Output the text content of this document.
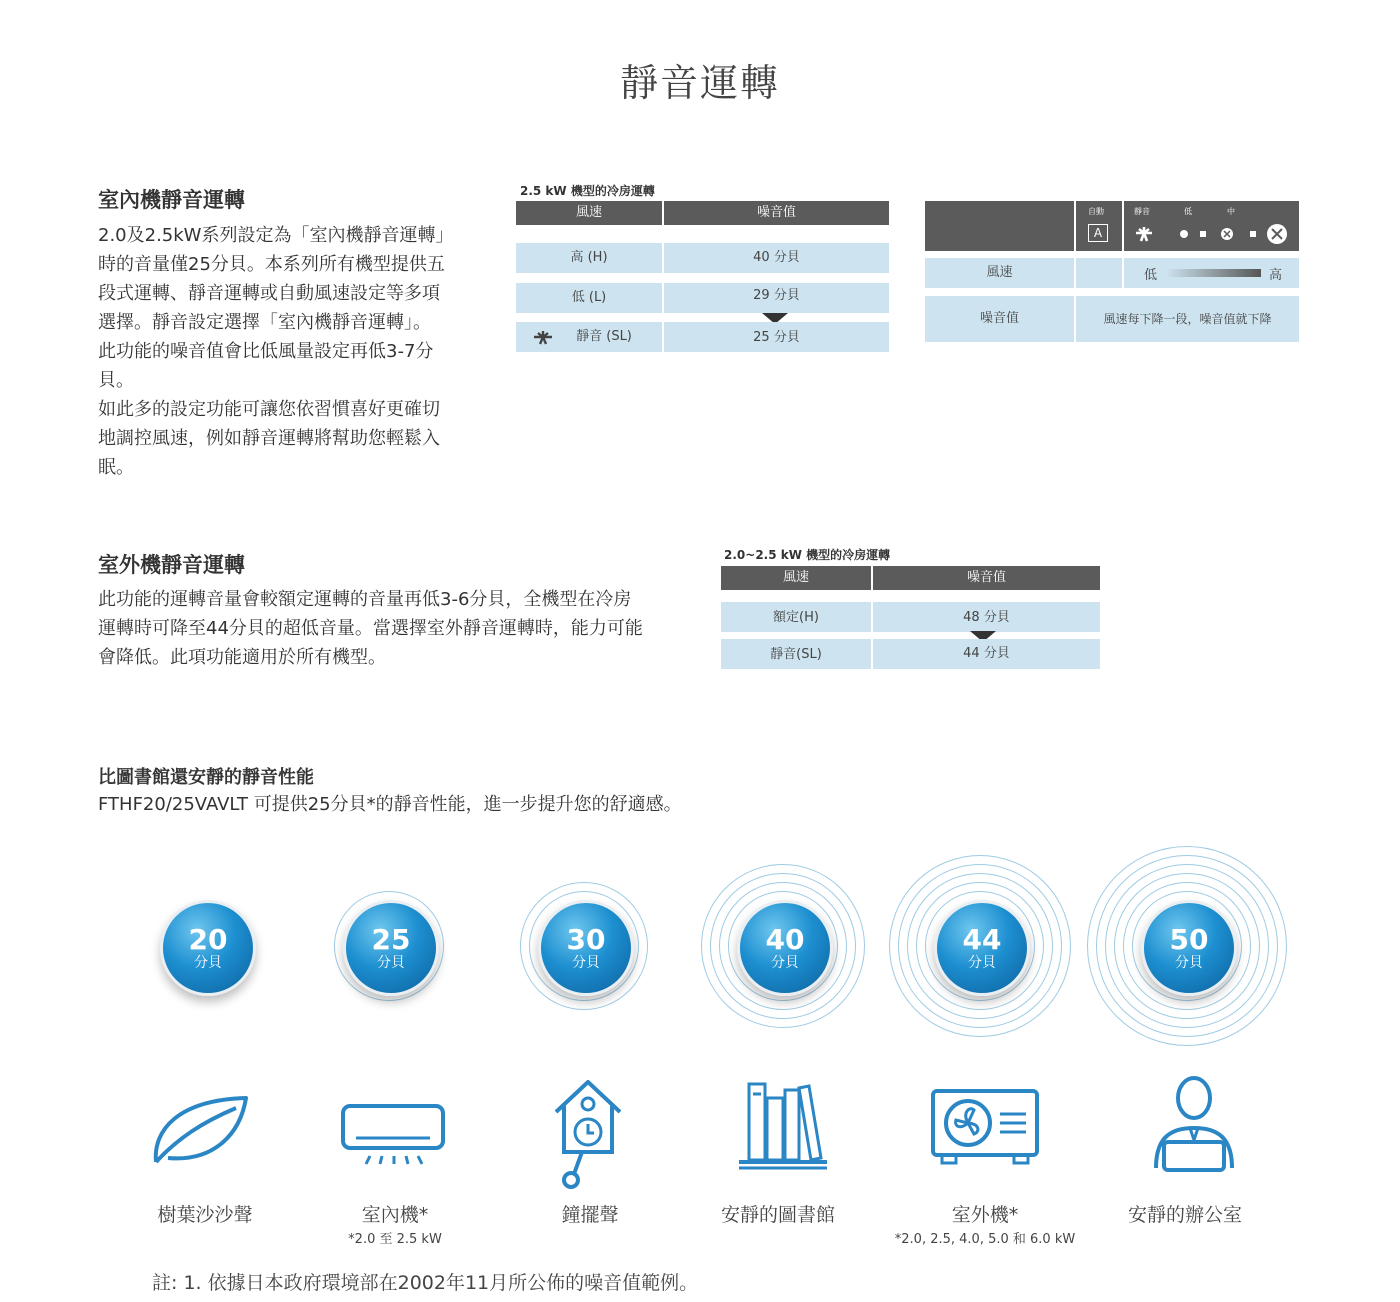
靜音運轉
室內機靜音運轉
2.0及2.5kW系列設定為「室內機靜音運轉」
時的音量僅25分貝。本系列所有機型提供五
段式運轉、靜音運轉或自動風速設定等多項
選擇。靜音設定選擇「室內機靜音運轉」。
此功能的噪音值會比低風量設定再低3-7分
貝。
如此多的設定功能可讓您依習慣喜好更確切
地調控風速，例如靜音運轉將幫助您輕鬆入
眠。
2.5 kW 機型的冷房運轉
風速	噪音值
高 (H)	40 分貝
低 (L)	29 分貝
靜音 (SL)	25 分貝
自動
A
靜音	低	中
風速	低	高
噪音值	風速每下降一段，噪音值就下降
室外機靜音運轉
此功能的運轉音量會較額定運轉的音量再低3-6分貝，全機型在冷房
運轉時可降至44分貝的超低音量。當選擇室外靜音運轉時，能力可能
會降低。此項功能適用於所有機型。
2.0~2.5 kW 機型的冷房運轉
風速	噪音值
額定(H)	48 分貝
靜音(SL)	44 分貝
比圖書館還安靜的靜音性能
FTHF20/25VAVLT 可提供25分貝*的靜音性能，進一步提升您的舒適感。
20
分貝
25
分貝
30
分貝
40
分貝
44
分貝
50
分貝
樹葉沙沙聲	室內機*
*2.0 至 2.5 kW
鐘擺聲	安靜的圖書館	室外機*
*2.0, 2.5, 4.0, 5.0 和 6.0 kW
安靜的辦公室
註: 1. 依據日本政府環境部在2002年11月所公佈的噪音值範例。
